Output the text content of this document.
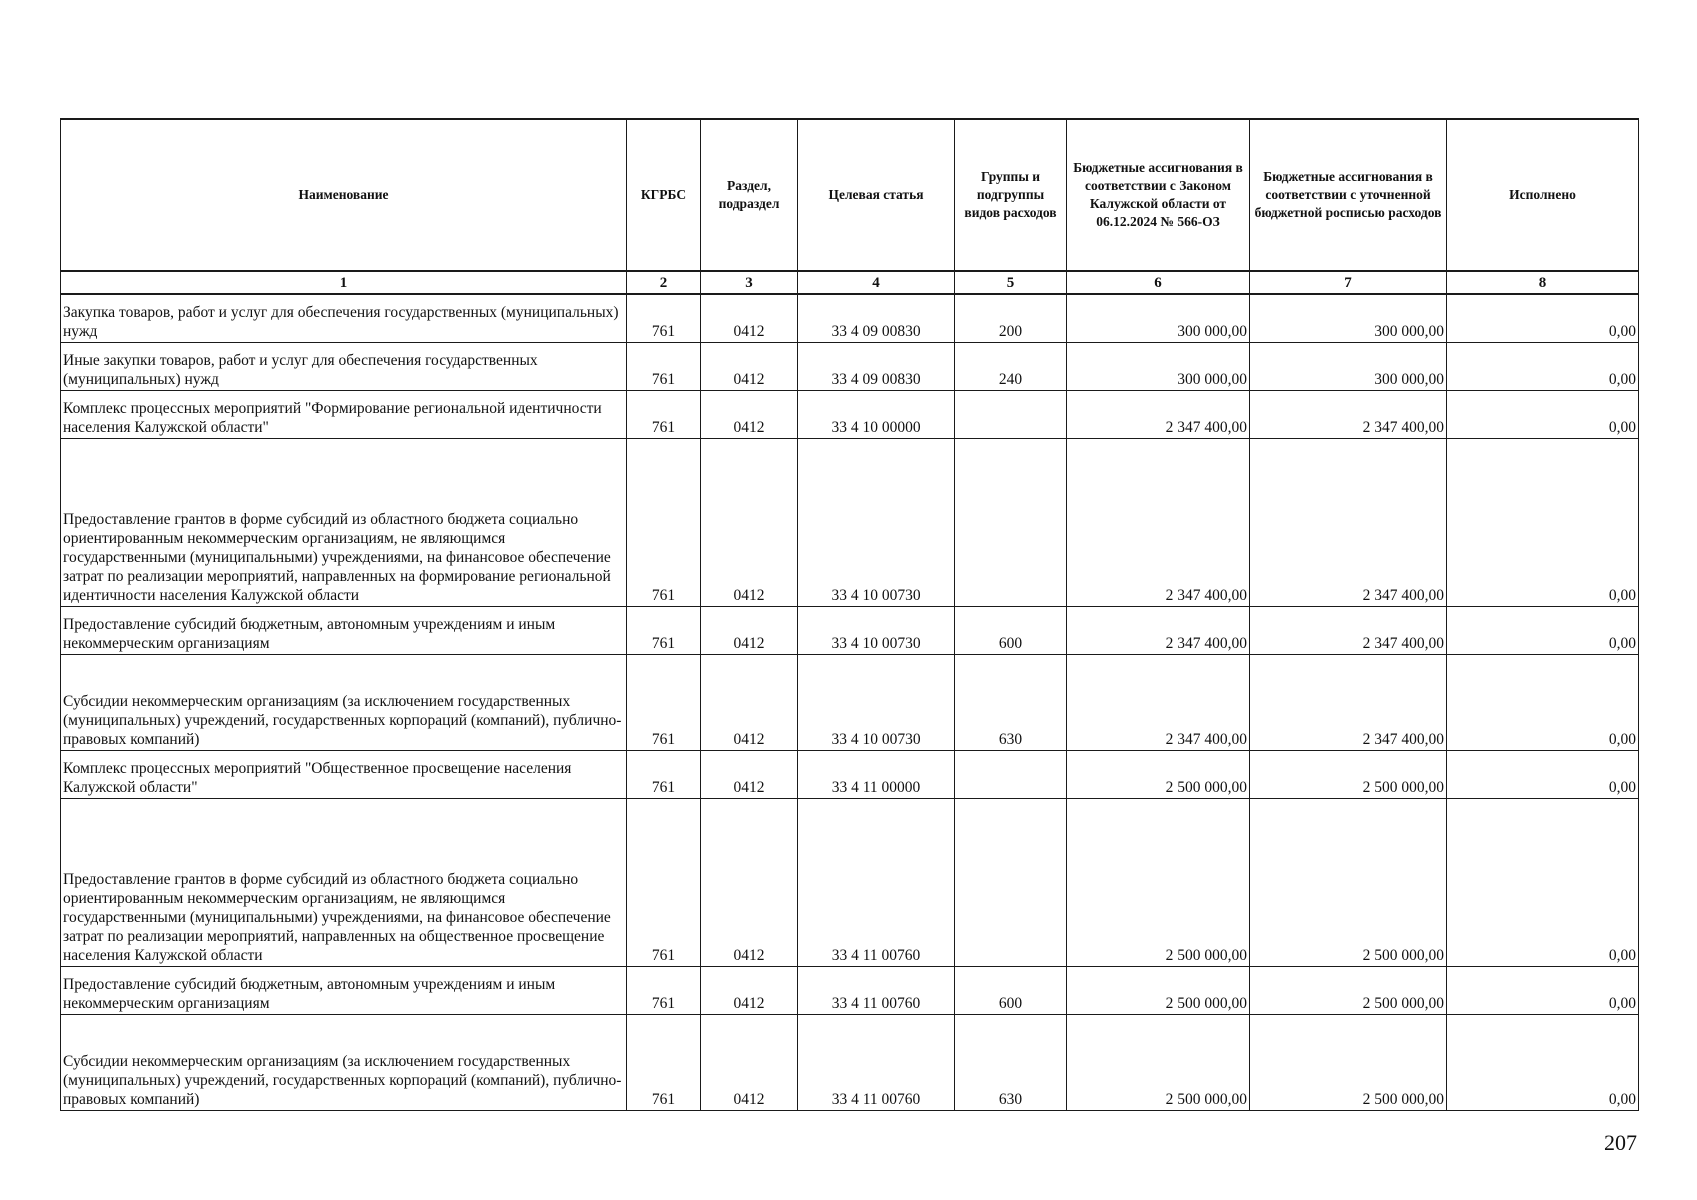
Наименование	КГРБС	Раздел, подраздел	Целевая статья	Группы и подгруппы видов расходов	Бюджетные ассигнования в соответствии с Законом Калужской области от 06.12.2024 № 566-ОЗ	Бюджетные ассигнования в соответствии с уточненной бюджетной росписью расходов	Исполнено
1	2	3	4	5	6	7	8
Закупка товаров, работ и услуг для обеспечения государственных (муниципальных) нужд	761	0412	33 4 09 00830	200	300 000,00	300 000,00	0,00
Иные закупки товаров, работ и услуг для обеспечения государственных (муниципальных) нужд	761	0412	33 4 09 00830	240	300 000,00	300 000,00	0,00
Комплекс процессных мероприятий "Формирование региональной идентичности населения Калужской области"	761	0412	33 4 10 00000		2 347 400,00	2 347 400,00	0,00
Предоставление грантов в форме субсидий из областного бюджета социально ориентированным некоммерческим организациям, не являющимся государственными (муниципальными) учреждениями, на финансовое обеспечение затрат по реализации мероприятий, направленных на формирование региональной идентичности населения Калужской области	761	0412	33 4 10 00730		2 347 400,00	2 347 400,00	0,00
Предоставление субсидий бюджетным, автономным учреждениям и иным некоммерческим организациям	761	0412	33 4 10 00730	600	2 347 400,00	2 347 400,00	0,00
Субсидии некоммерческим организациям (за исключением государственных (муниципальных) учреждений, государственных корпораций (компаний), публично-правовых компаний)	761	0412	33 4 10 00730	630	2 347 400,00	2 347 400,00	0,00
Комплекс процессных мероприятий "Общественное просвещение населения Калужской области"	761	0412	33 4 11 00000		2 500 000,00	2 500 000,00	0,00
Предоставление грантов в форме субсидий из областного бюджета социально ориентированным некоммерческим организациям, не являющимся государственными (муниципальными) учреждениями, на финансовое обеспечение затрат по реализации мероприятий, направленных на общественное просвещение населения Калужской области	761	0412	33 4 11 00760		2 500 000,00	2 500 000,00	0,00
Предоставление субсидий бюджетным, автономным учреждениям и иным некоммерческим организациям	761	0412	33 4 11 00760	600	2 500 000,00	2 500 000,00	0,00
Субсидии некоммерческим организациям (за исключением государственных (муниципальных) учреждений, государственных корпораций (компаний), публично-правовых компаний)	761	0412	33 4 11 00760	630	2 500 000,00	2 500 000,00	0,00
207
